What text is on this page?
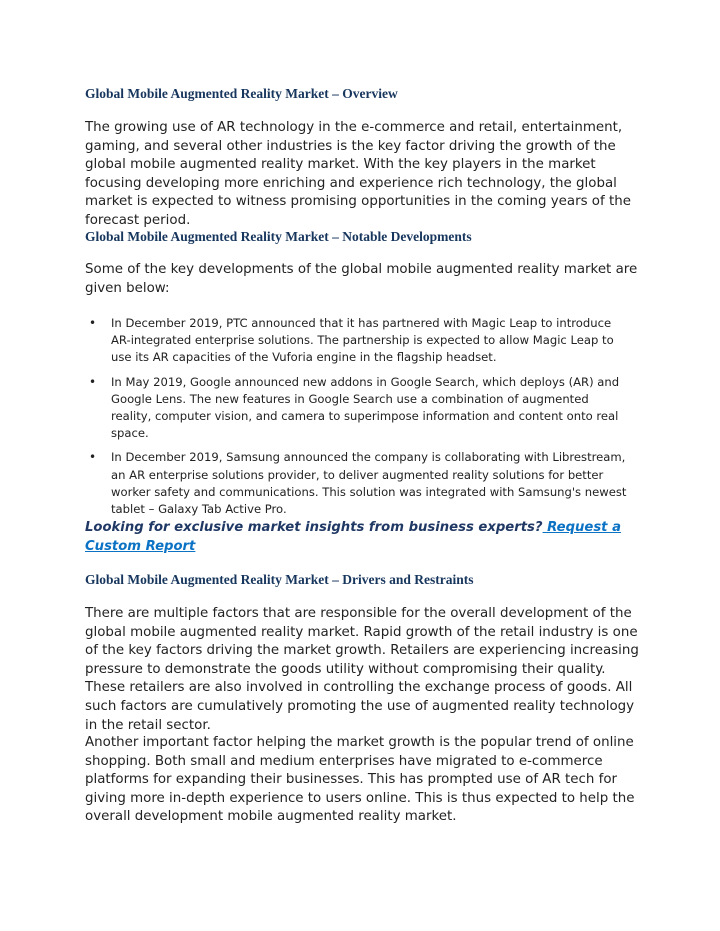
Global Mobile Augmented Reality Market – Overview

The growing use of AR technology in the e-commerce and retail, entertainment, gaming, and several other industries is the key factor driving the growth of the global mobile augmented reality market. With the key players in the market focusing developing more enriching and experience rich technology, the global market is expected to witness promising opportunities in the coming years of the forecast period.

Global Mobile Augmented Reality Market – Notable Developments

Some of the key developments of the global mobile augmented reality market are given below:

• In December 2019, PTC announced that it has partnered with Magic Leap to introduce AR-integrated enterprise solutions. The partnership is expected to allow Magic Leap to use its AR capacities of the Vuforia engine in the flagship headset.
• In May 2019, Google announced new addons in Google Search, which deploys (AR) and Google Lens. The new features in Google Search use a combination of augmented reality, computer vision, and camera to superimpose information and content onto real space.
• In December 2019, Samsung announced the company is collaborating with Librestream, an AR enterprise solutions provider, to deliver augmented reality solutions for better worker safety and communications. This solution was integrated with Samsung's newest tablet – Galaxy Tab Active Pro.

Looking for exclusive market insights from business experts? Request a Custom Report

Global Mobile Augmented Reality Market – Drivers and Restraints

There are multiple factors that are responsible for the overall development of the global mobile augmented reality market. Rapid growth of the retail industry is one of the key factors driving the market growth. Retailers are experiencing increasing pressure to demonstrate the goods utility without compromising their quality. These retailers are also involved in controlling the exchange process of goods. All such factors are cumulatively promoting the use of augmented reality technology in the retail sector.

Another important factor helping the market growth is the popular trend of online shopping. Both small and medium enterprises have migrated to e-commerce platforms for expanding their businesses. This has prompted use of AR tech for giving more in-depth experience to users online. This is thus expected to help the overall development mobile augmented reality market.
